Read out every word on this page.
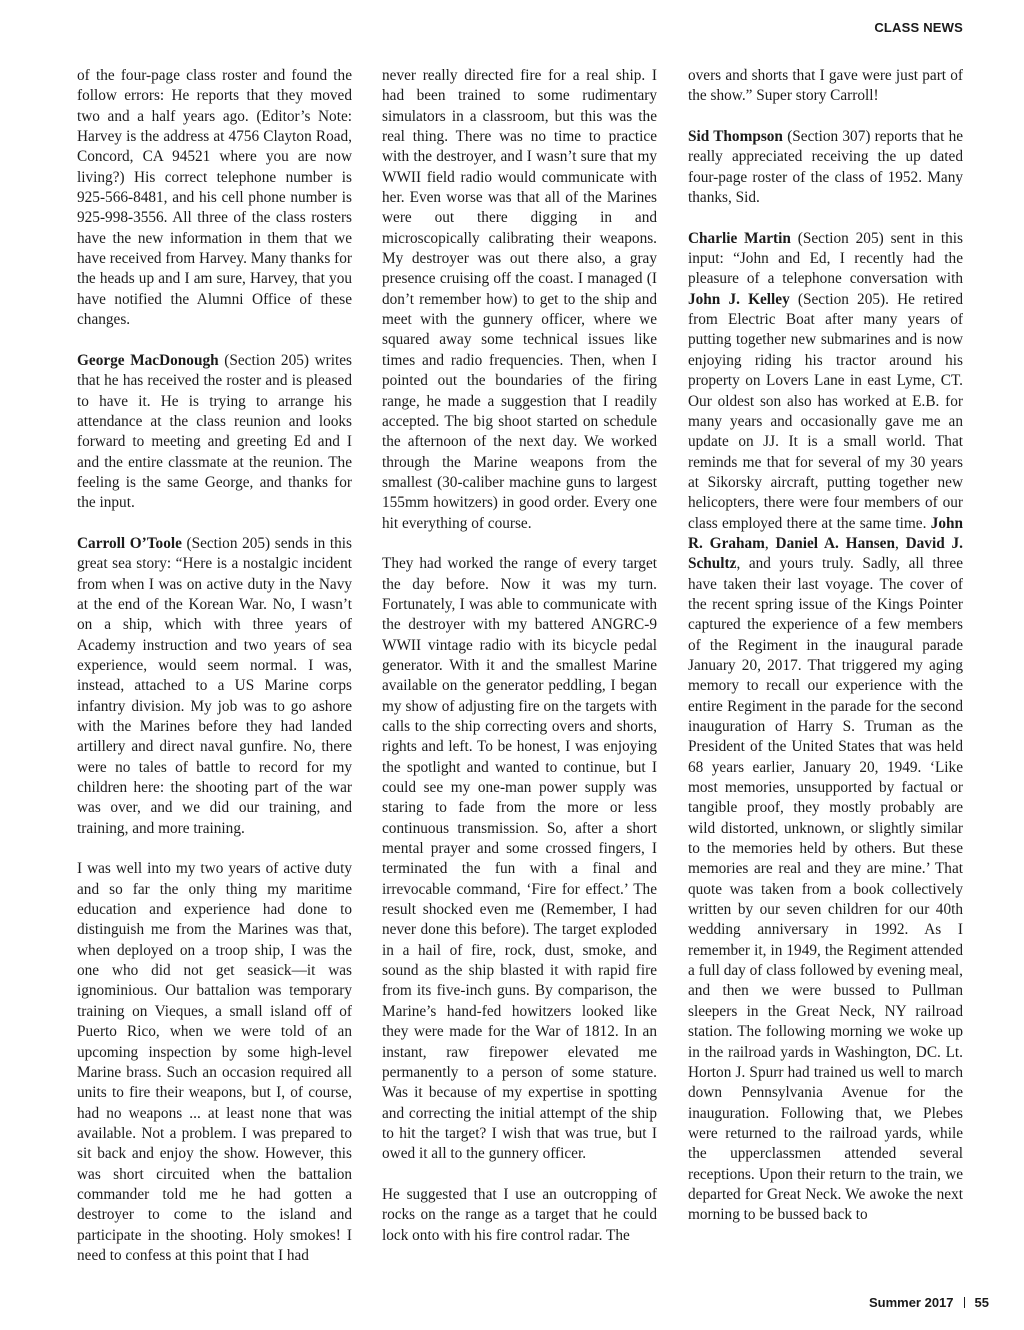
CLASS NEWS

of the four-page class roster and found the follow errors: He reports that they moved two and a half years ago. (Editor’s Note: Harvey is the address at 4756 Clayton Road, Concord, CA 94521 where you are now living?) His correct telephone number is 925-566-8481, and his cell phone number is 925-998-3556. All three of the class rosters have the new information in them that we have received from Harvey. Many thanks for the heads up and I am sure, Harvey, that you have notified the Alumni Office of these changes.

George MacDonough (Section 205) writes that he has received the roster and is pleased to have it. He is trying to arrange his attendance at the class reunion and looks forward to meeting and greeting Ed and I and the entire classmate at the reunion. The feeling is the same George, and thanks for the input.

Carroll O’Toole (Section 205) sends in this great sea story: “Here is a nostalgic incident from when I was on active duty in the Navy at the end of the Korean War. No, I wasn’t on a ship, which with three years of Academy instruction and two years of sea experience, would seem normal. I was, instead, attached to a US Marine corps infantry division. My job was to go ashore with the Marines before they had landed artillery and direct naval gunfire. No, there were no tales of battle to record for my children here: the shooting part of the war was over, and we did our training, and training, and more training.

I was well into my two years of active duty and so far the only thing my maritime education and experience had done to distinguish me from the Marines was that, when deployed on a troop ship, I was the one who did not get seasick—it was ignominious. Our battalion was temporary training on Vieques, a small island off of Puerto Rico, when we were told of an upcoming inspection by some high-level Marine brass. Such an occasion required all units to fire their weapons, but I, of course, had no weapons ... at least none that was available. Not a problem. I was prepared to sit back and enjoy the show. However, this was short circuited when the battalion commander told me he had gotten a destroyer to come to the island and participate in the shooting. Holy smokes! I need to confess at this point that I had

never really directed fire for a real ship. I had been trained to some rudimentary simulators in a classroom, but this was the real thing. There was no time to practice with the destroyer, and I wasn’t sure that my WWII field radio would communicate with her. Even worse was that all of the Marines were out there digging in and microscopically calibrating their weapons. My destroyer was out there also, a gray presence cruising off the coast. I managed (I don’t remember how) to get to the ship and meet with the gunnery officer, where we squared away some technical issues like times and radio frequencies. Then, when I pointed out the boundaries of the firing range, he made a suggestion that I readily accepted. The big shoot started on schedule the afternoon of the next day. We worked through the Marine weapons from the smallest (30-caliber machine guns to largest 155mm howitzers) in good order. Every one hit everything of course.

They had worked the range of every target the day before. Now it was my turn. Fortunately, I was able to communicate with the destroyer with my battered ANGRC-9 WWII vintage radio with its bicycle pedal generator. With it and the smallest Marine available on the generator peddling, I began my show of adjusting fire on the targets with calls to the ship correcting overs and shorts, rights and left. To be honest, I was enjoying the spotlight and wanted to continue, but I could see my one-man power supply was staring to fade from the more or less continuous transmission. So, after a short mental prayer and some crossed fingers, I terminated the fun with a final and irrevocable command, ‘Fire for effect.’ The result shocked even me (Remember, I had never done this before). The target exploded in a hail of fire, rock, dust, smoke, and sound as the ship blasted it with rapid fire from its five-inch guns. By comparison, the Marine’s hand-fed howitzers looked like they were made for the War of 1812. In an instant, raw firepower elevated me permanently to a person of some stature. Was it because of my expertise in spotting and correcting the initial attempt of the ship to hit the target? I wish that was true, but I owed it all to the gunnery officer.

He suggested that I use an outcropping of rocks on the range as a target that he could lock onto with his fire control radar. The

overs and shorts that I gave were just part of the show.” Super story Carroll!

Sid Thompson (Section 307) reports that he really appreciated receiving the up dated four-page roster of the class of 1952. Many thanks, Sid.

Charlie Martin (Section 205) sent in this input: “John and Ed, I recently had the pleasure of a telephone conversation with John J. Kelley (Section 205). He retired from Electric Boat after many years of putting together new submarines and is now enjoying riding his tractor around his property on Lovers Lane in east Lyme, CT. Our oldest son also has worked at E.B. for many years and occasionally gave me an update on JJ. It is a small world. That reminds me that for several of my 30 years at Sikorsky aircraft, putting together new helicopters, there were four members of our class employed there at the same time. John R. Graham, Daniel A. Hansen, David J. Schultz, and yours truly. Sadly, all three have taken their last voyage. The cover of the recent spring issue of the Kings Pointer captured the experience of a few members of the Regiment in the inaugural parade January 20, 2017. That triggered my aging memory to recall our experience with the entire Regiment in the parade for the second inauguration of Harry S. Truman as the President of the United States that was held 68 years earlier, January 20, 1949. ‘Like most memories, unsupported by factual or tangible proof, they mostly probably are wild distorted, unknown, or slightly similar to the memories held by others. But these memories are real and they are mine.’ That quote was taken from a book collectively written by our seven children for our 40th wedding anniversary in 1992. As I remember it, in 1949, the Regiment attended a full day of class followed by evening meal, and then we were bussed to Pullman sleepers in the Great Neck, NY railroad station. The following morning we woke up in the railroad yards in Washington, DC. Lt. Horton J. Spurr had trained us well to march down Pennsylvania Avenue for the inauguration. Following that, we Plebes were returned to the railroad yards, while the upperclassmen attended several receptions. Upon their return to the train, we departed for Great Neck. We awoke the next morning to be bussed back to

Summer 2017 55
